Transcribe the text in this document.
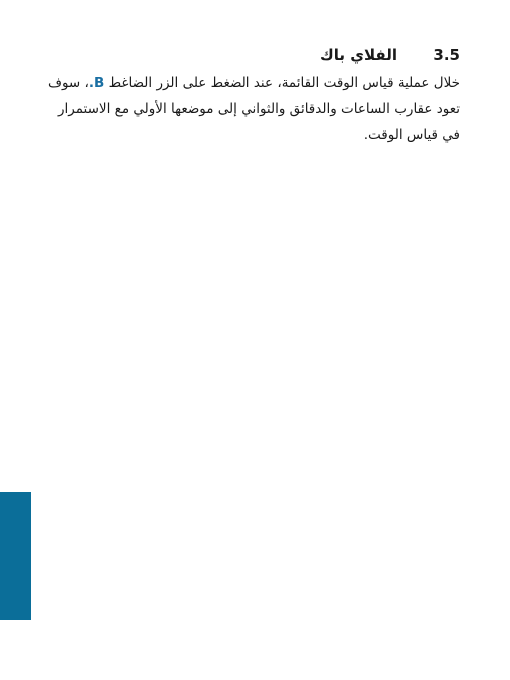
3.5
الفلاي باك

خلال عملية قياس الوقت القائمة، عند الضغط على الزر الضاغط .B، سوف تعود عقارب الساعات والدقائق والثواني إلى موضعها الأولي مع الاستمرار في قياس الوقت.
